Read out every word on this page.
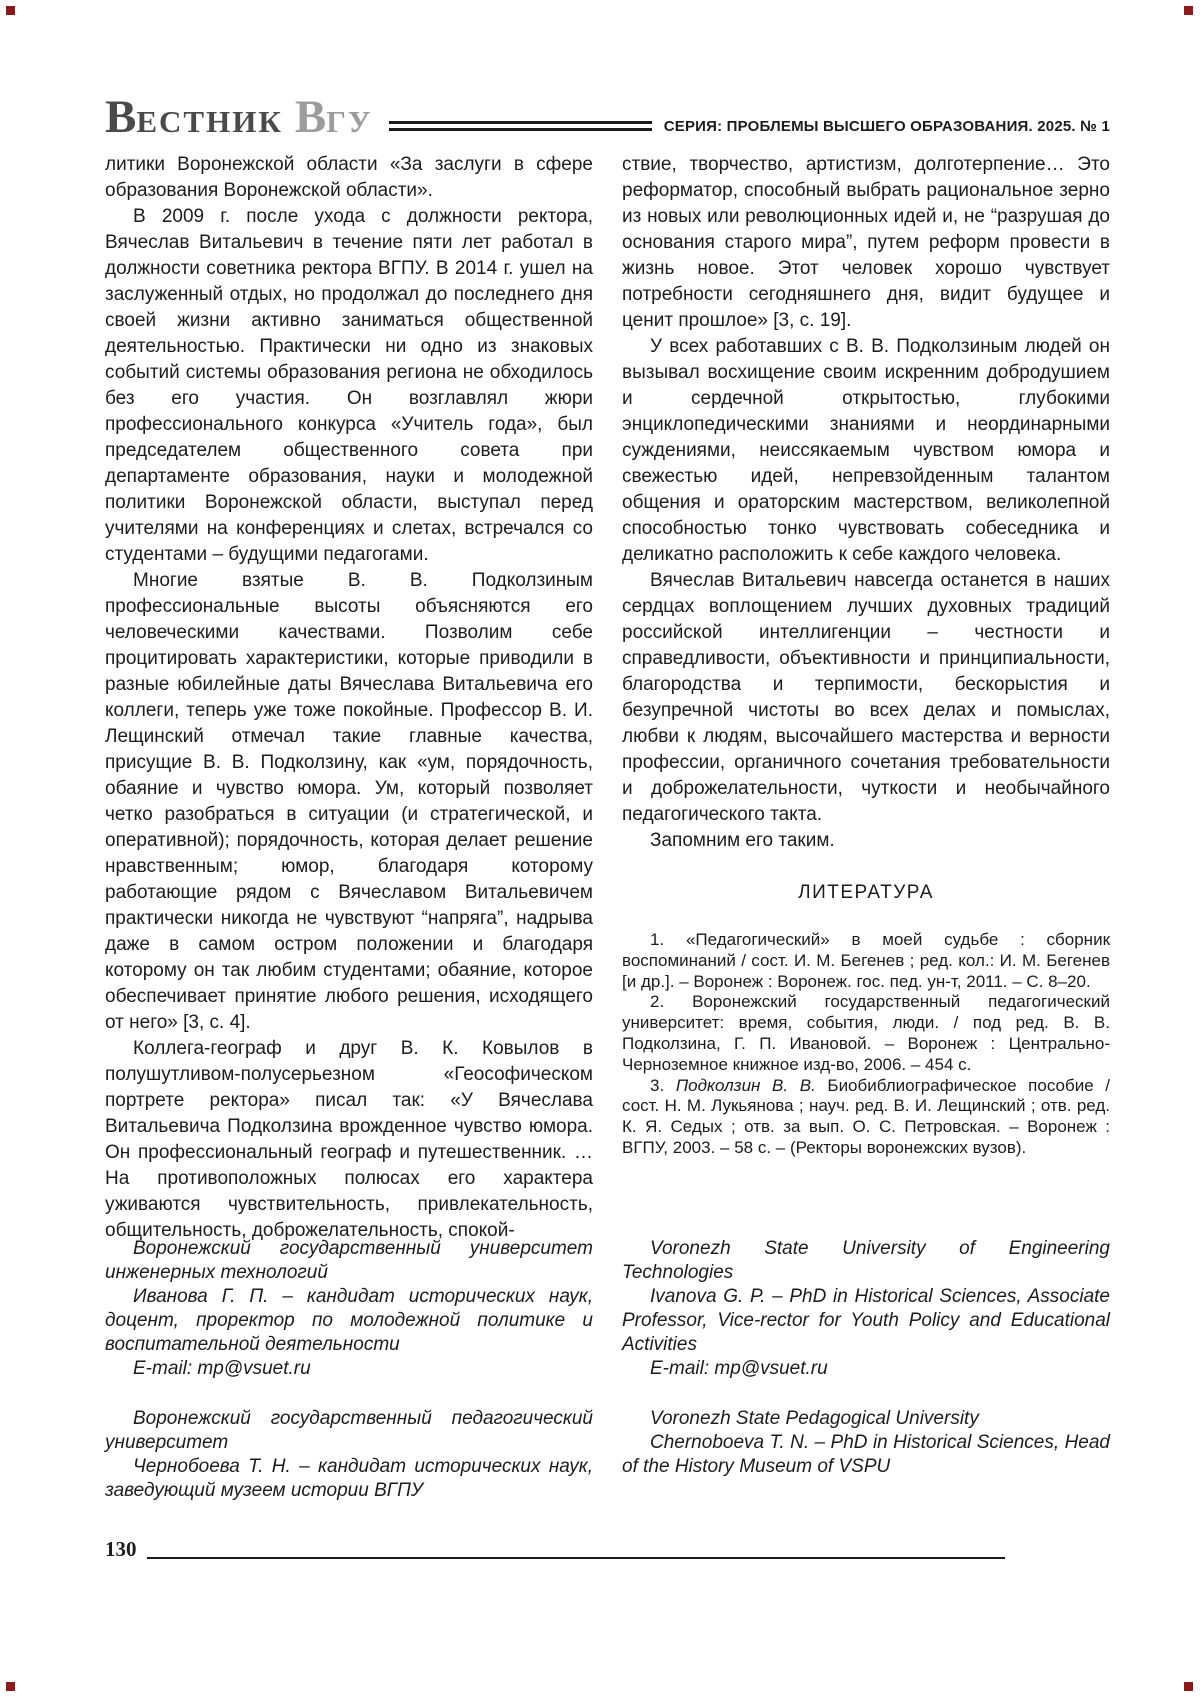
ВЕСТНИК ВГУ	СЕРИЯ: ПРОБЛЕМЫ ВЫСШЕГО ОБРАЗОВАНИЯ. 2025. № 1

литики Воронежской области «За заслуги в сфере образования Воронежской области».

В 2009 г. после ухода с должности ректора, Вячеслав Витальевич в течение пяти лет работал в должности советника ректора ВГПУ. В 2014 г. ушел на заслуженный отдых, но продолжал до последнего дня своей жизни активно заниматься общественной деятельностью. Практически ни одно из знаковых событий системы образования региона не обходилось без его участия. Он возглавлял жюри профессионального конкурса «Учитель года», был председателем общественного совета при департаменте образования, науки и молодежной политики Воронежской области, выступал перед учителями на конференциях и слетах, встречался со студентами – будущими педагогами.

Многие взятые В. В. Подколзиным профессиональные высоты объясняются его человеческими качествами. Позволим себе процитировать характеристики, которые приводили в разные юбилейные даты Вячеслава Витальевича его коллеги, теперь уже тоже покойные. Профессор В. И. Лещинский отмечал такие главные качества, присущие В. В. Подколзину, как «ум, порядочность, обаяние и чувство юмора. Ум, который позволяет четко разобраться в ситуации (и стратегической, и оперативной); порядочность, которая делает решение нравственным; юмор, благодаря которому работающие рядом с Вячеславом Витальевичем практически никогда не чувствуют “напряга”, надрыва даже в самом остром положении и благодаря которому он так любим студентами; обаяние, которое обеспечивает принятие любого решения, исходящего от него» [3, с. 4].

Коллега-географ и друг В. К. Ковылов в полушутливом-полусерьезном «Геософическом портрете ректора» писал так: «У Вячеслава Витальевича Подколзина врожденное чувство юмора. Он профессиональный географ и путешественник. …На противоположных полюсах его характера уживаются чувствительность, привлекательность, общительность, доброжелательность, спокой-

ствие, творчество, артистизм, долготерпение… Это реформатор, способный выбрать рациональное зерно из новых или революционных идей и, не “разрушая до основания старого мира”, путем реформ провести в жизнь новое. Этот человек хорошо чувствует потребности сегодняшнего дня, видит будущее и ценит прошлое» [3, с. 19].

У всех работавших с В. В. Подколзиным людей он вызывал восхищение своим искренним добродушием и сердечной открытостью, глубокими энциклопедическими знаниями и неординарными суждениями, неиссякаемым чувством юмора и свежестью идей, непревзойденным талантом общения и ораторским мастерством, великолепной способностью тонко чувствовать собеседника и деликатно расположить к себе каждого человека.

Вячеслав Витальевич навсегда останется в наших сердцах воплощением лучших духовных традиций российской интеллигенции – честности и справедливости, объективности и принципиальности, благородства и терпимости, бескорыстия и безупречной чистоты во всех делах и помыслах, любви к людям, высочайшего мастерства и верности профессии, органичного сочетания требовательности и доброжелательности, чуткости и необычайного педагогического такта.

Запомним его таким.

ЛИТЕРАТУРА

1. «Педагогический» в моей судьбе : сборник воспоминаний / сост. И. М. Бегенев ; ред. кол.: И. М. Бегенев [и др.]. – Воронеж : Воронеж. гос. пед. ун-т, 2011. – С. 8–20.

2. Воронежский государственный педагогический университет: время, события, люди. / под ред. В. В. Подколзина, Г. П. Ивановой. – Воронеж : Центрально-Черноземное книжное изд-во, 2006. – 454 с.

3. Подколзин В. В. Биобиблиографическое пособие / сост. Н. М. Лукьянова ; науч. ред. В. И. Лещинский ; отв. ред. К. Я. Седых ; отв. за вып. О. С. Петровская. – Воронеж : ВГПУ, 2003. – 58 с. – (Ректоры воронежских вузов).

Воронежский государственный университет инженерных технологий

Иванова Г. П. – кандидат исторических наук, доцент, проректор по молодежной политике и воспитательной деятельности

E-mail: mp@vsuet.ru

Voronezh State University of Engineering Technologies

Ivanova G. P. – PhD in Historical Sciences, Associate Professor, Vice-rector for Youth Policy and Educational Activities

E-mail: mp@vsuet.ru

Воронежский государственный педагогический университет

Чернобоева Т. Н. – кандидат исторических наук, заведующий музеем истории ВГПУ

Voronezh State Pedagogical University

Chernoboeva T. N. – PhD in Historical Sciences, Head of the History Museum of VSPU

130
